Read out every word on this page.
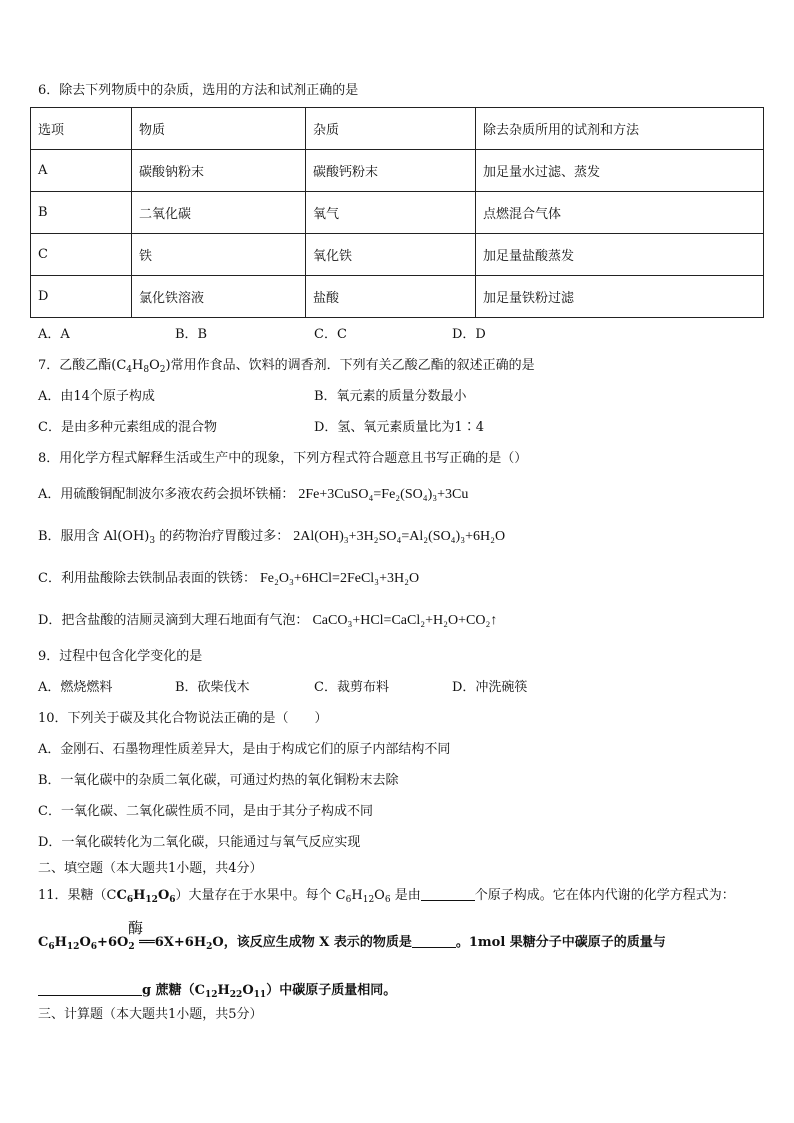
6．除去下列物质中的杂质，选用的方法和试剂正确的是
选项	物质	杂质	除去杂质所用的试剂和方法
A	碳酸钠粉末	碳酸钙粉末	加足量水过滤、蒸发
B	二氧化碳	氧气	点燃混合气体
C	铁	氧化铁	加足量盐酸蒸发
D	氯化铁溶液	盐酸	加足量铁粉过滤
A．A	B．B	C．C	D．D
7．乙酸乙酯$(C_4H_8O_2)$常用作食品、饮料的调香剂．下列有关乙酸乙酯的叙述正确的是
A．由14个原子构成	B．氧元素的质量分数最小
C．是由多种元素组成的混合物	D．氢、氧元素质量比为1∶4
8．用化学方程式解释生活或生产中的现象，下列方程式符合题意且书写正确的是（）
A．用硫酸铜配制波尔多液农药会损坏铁桶： 2Fe+3CuSO₄=Fe₂(SO₄)₃+3Cu
B．服用含 $Al(OH)_3$ 的药物治疗胃酸过多： 2Al(OH)₃+3H₂SO₄=Al₂(SO₄)₃+6H₂O
C．利用盐酸除去铁制品表面的铁锈： Fe₂O₃+6HCl=2FeCl₃+3H₂O
D．把含盐酸的洁厕灵滴到大理石地面有气泡： CaCO₃+HCl=CaCl₂+H₂O+CO₂↑
9．过程中包含化学变化的是
A．燃烧燃料	B．砍柴伐木	C．裁剪布料	D．冲洗碗筷
10．下列关于碳及其化合物说法正确的是（　　）
A．金刚石、石墨物理性质差异大，是由于构成它们的原子内部结构不同
B．一氧化碳中的杂质二氧化碳，可通过灼热的氧化铜粉末去除
C．一氧化碳、二氧化碳性质不同，是由于其分子构成不同
D．一氧化碳转化为二氧化碳，只能通过与氧气反应实现
二、填空题（本大题共1小题，共4分）
11．果糖$(CC_6H_{12}O_6)$大量存在于水果中。每个 $C_6H_{12}O_6$ 是由	个原子构成。它在体内代谢的化学方程式为：
酶
$C_6H_{12}O_6+6O_2$ $══6X+6H_2O$，该反应生成物 X 表示的物质是	。1mol 果糖分子中碳原子的质量与
g 蔗糖$(C_{12}H_{22}O_{11})$中碳原子质量相同。
三、计算题（本大题共1小题，共5分）
